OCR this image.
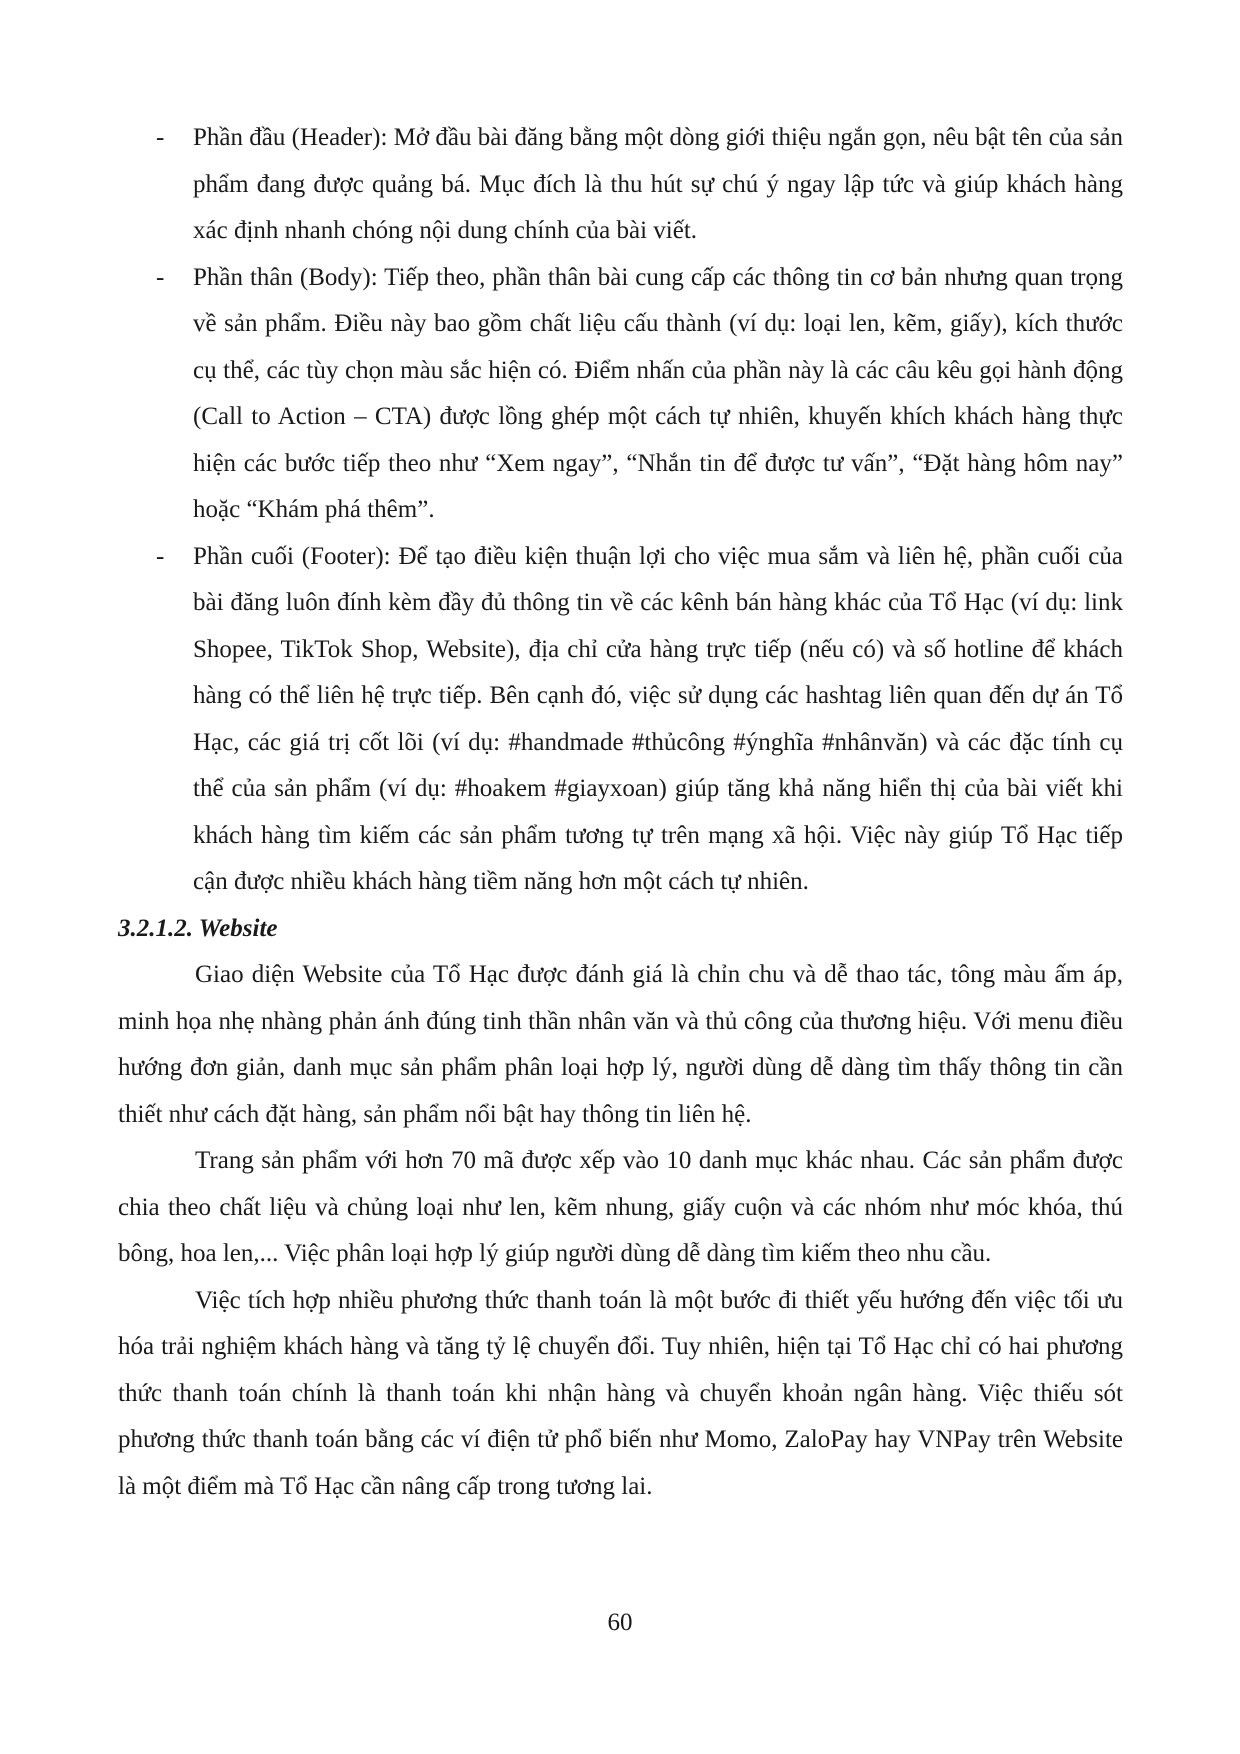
- Phần đầu (Header): Mở đầu bài đăng bằng một dòng giới thiệu ngắn gọn, nêu bật tên của sản phẩm đang được quảng bá. Mục đích là thu hút sự chú ý ngay lập tức và giúp khách hàng xác định nhanh chóng nội dung chính của bài viết.
- Phần thân (Body): Tiếp theo, phần thân bài cung cấp các thông tin cơ bản nhưng quan trọng về sản phẩm. Điều này bao gồm chất liệu cấu thành (ví dụ: loại len, kẽm, giấy), kích thước cụ thể, các tùy chọn màu sắc hiện có. Điểm nhấn của phần này là các câu kêu gọi hành động (Call to Action – CTA) được lồng ghép một cách tự nhiên, khuyến khích khách hàng thực hiện các bước tiếp theo như “Xem ngay”, “Nhắn tin để được tư vấn”, “Đặt hàng hôm nay” hoặc “Khám phá thêm”.
- Phần cuối (Footer): Để tạo điều kiện thuận lợi cho việc mua sắm và liên hệ, phần cuối của bài đăng luôn đính kèm đầy đủ thông tin về các kênh bán hàng khác của Tổ Hạc (ví dụ: link Shopee, TikTok Shop, Website), địa chỉ cửa hàng trực tiếp (nếu có) và số hotline để khách hàng có thể liên hệ trực tiếp. Bên cạnh đó, việc sử dụng các hashtag liên quan đến dự án Tổ Hạc, các giá trị cốt lõi (ví dụ: #handmade #thủcông #ýnghĩa #nhânvăn) và các đặc tính cụ thể của sản phẩm (ví dụ: #hoakem #giayxoan) giúp tăng khả năng hiển thị của bài viết khi khách hàng tìm kiếm các sản phẩm tương tự trên mạng xã hội. Việc này giúp Tổ Hạc tiếp cận được nhiều khách hàng tiềm năng hơn một cách tự nhiên.
3.2.1.2. Website

Giao diện Website của Tổ Hạc được đánh giá là chỉn chu và dễ thao tác, tông màu ấm áp, minh họa nhẹ nhàng phản ánh đúng tinh thần nhân văn và thủ công của thương hiệu. Với menu điều hướng đơn giản, danh mục sản phẩm phân loại hợp lý, người dùng dễ dàng tìm thấy thông tin cần thiết như cách đặt hàng, sản phẩm nổi bật hay thông tin liên hệ.

Trang sản phẩm với hơn 70 mã được xếp vào 10 danh mục khác nhau. Các sản phẩm được chia theo chất liệu và chủng loại như len, kẽm nhung, giấy cuộn và các nhóm như móc khóa, thú bông, hoa len,... Việc phân loại hợp lý giúp người dùng dễ dàng tìm kiếm theo nhu cầu.

Việc tích hợp nhiều phương thức thanh toán là một bước đi thiết yếu hướng đến việc tối ưu hóa trải nghiệm khách hàng và tăng tỷ lệ chuyển đổi. Tuy nhiên, hiện tại Tổ Hạc chỉ có hai phương thức thanh toán chính là thanh toán khi nhận hàng và chuyển khoản ngân hàng. Việc thiếu sót phương thức thanh toán bằng các ví điện tử phổ biến như Momo, ZaloPay hay VNPay trên Website là một điểm mà Tổ Hạc cần nâng cấp trong tương lai.

60
